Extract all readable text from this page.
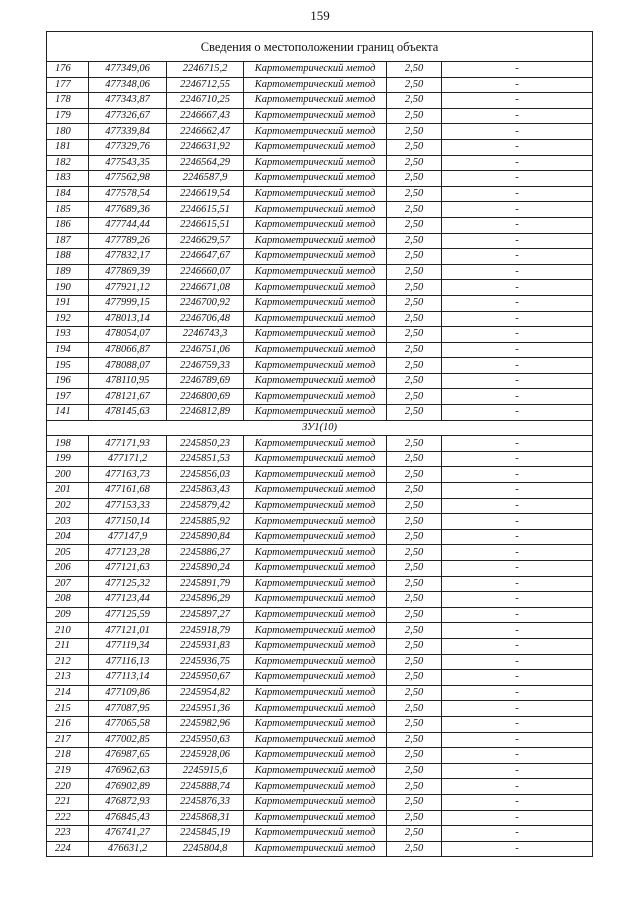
159
Сведения о местоположении границ объекта					
176	477349,06	2246715,2	Картометрический метод	2,50	-
177	477348,06	2246712,55	Картометрический метод	2,50	-
178	477343,87	2246710,25	Картометрический метод	2,50	-
179	477326,67	2246667,43	Картометрический метод	2,50	-
180	477339,84	2246662,47	Картометрический метод	2,50	-
181	477329,76	2246631,92	Картометрический метод	2,50	-
182	477543,35	2246564,29	Картометрический метод	2,50	-
183	477562,98	2246587,9	Картометрический метод	2,50	-
184	477578,54	2246619,54	Картометрический метод	2,50	-
185	477689,36	2246615,51	Картометрический метод	2,50	-
186	477744,44	2246615,51	Картометрический метод	2,50	-
187	477789,26	2246629,57	Картометрический метод	2,50	-
188	477832,17	2246647,67	Картометрический метод	2,50	-
189	477869,39	2246660,07	Картометрический метод	2,50	-
190	477921,12	2246671,08	Картометрический метод	2,50	-
191	477999,15	2246700,92	Картометрический метод	2,50	-
192	478013,14	2246706,48	Картометрический метод	2,50	-
193	478054,07	2246743,3	Картометрический метод	2,50	-
194	478066,87	2246751,06	Картометрический метод	2,50	-
195	478088,07	2246759,33	Картометрический метод	2,50	-
196	478110,95	2246789,69	Картометрический метод	2,50	-
197	478121,67	2246800,69	Картометрический метод	2,50	-
141	478145,63	2246812,89	Картометрический метод	2,50	-
ЗУ1(10)					
198	477171,93	2245850,23	Картометрический метод	2,50	-
199	477171,2	2245851,53	Картометрический метод	2,50	-
200	477163,73	2245856,03	Картометрический метод	2,50	-
201	477161,68	2245863,43	Картометрический метод	2,50	-
202	477153,33	2245879,42	Картометрический метод	2,50	-
203	477150,14	2245885,92	Картометрический метод	2,50	-
204	477147,9	2245890,84	Картометрический метод	2,50	-
205	477123,28	2245886,27	Картометрический метод	2,50	-
206	477121,63	2245890,24	Картометрический метод	2,50	-
207	477125,32	2245891,79	Картометрический метод	2,50	-
208	477123,44	2245896,29	Картометрический метод	2,50	-
209	477125,59	2245897,27	Картометрический метод	2,50	-
210	477121,01	2245918,79	Картометрический метод	2,50	-
211	477119,34	2245931,83	Картометрический метод	2,50	-
212	477116,13	2245936,75	Картометрический метод	2,50	-
213	477113,14	2245950,67	Картометрический метод	2,50	-
214	477109,86	2245954,82	Картометрический метод	2,50	-
215	477087,95	2245951,36	Картометрический метод	2,50	-
216	477065,58	2245982,96	Картометрический метод	2,50	-
217	477002,85	2245950,63	Картометрический метод	2,50	-
218	476987,65	2245928,06	Картометрический метод	2,50	-
219	476962,63	2245915,6	Картометрический метод	2,50	-
220	476902,89	2245888,74	Картометрический метод	2,50	-
221	476872,93	2245876,33	Картометрический метод	2,50	-
222	476845,43	2245868,31	Картометрический метод	2,50	-
223	476741,27	2245845,19	Картометрический метод	2,50	-
224	476631,2	2245804,8	Картометрический метод	2,50	-
